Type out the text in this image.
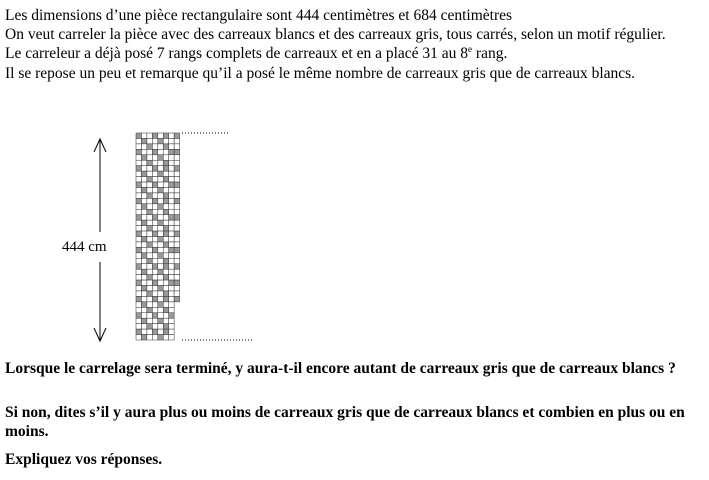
Les dimensions d’une pièce rectangulaire sont 444 centimètres et 684 centimètres

On veut carreler la pièce avec des carreaux blancs et des carreaux gris, tous carrés, selon un motif régulier.

Le carreleur a déjà posé 7 rangs complets de carreaux et en a placé 31 au 8e rang.

Il se repose un peu et remarque qu’il a posé le même nombre de carreaux gris que de carreaux blancs.

444 cm

Lorsque le carrelage sera terminé, y aura-t-il encore autant de carreaux gris que de carreaux blancs ?

Si non, dites s’il y aura plus ou moins de carreaux gris que de carreaux blancs et combien en plus ou en moins.

Expliquez vos réponses.
